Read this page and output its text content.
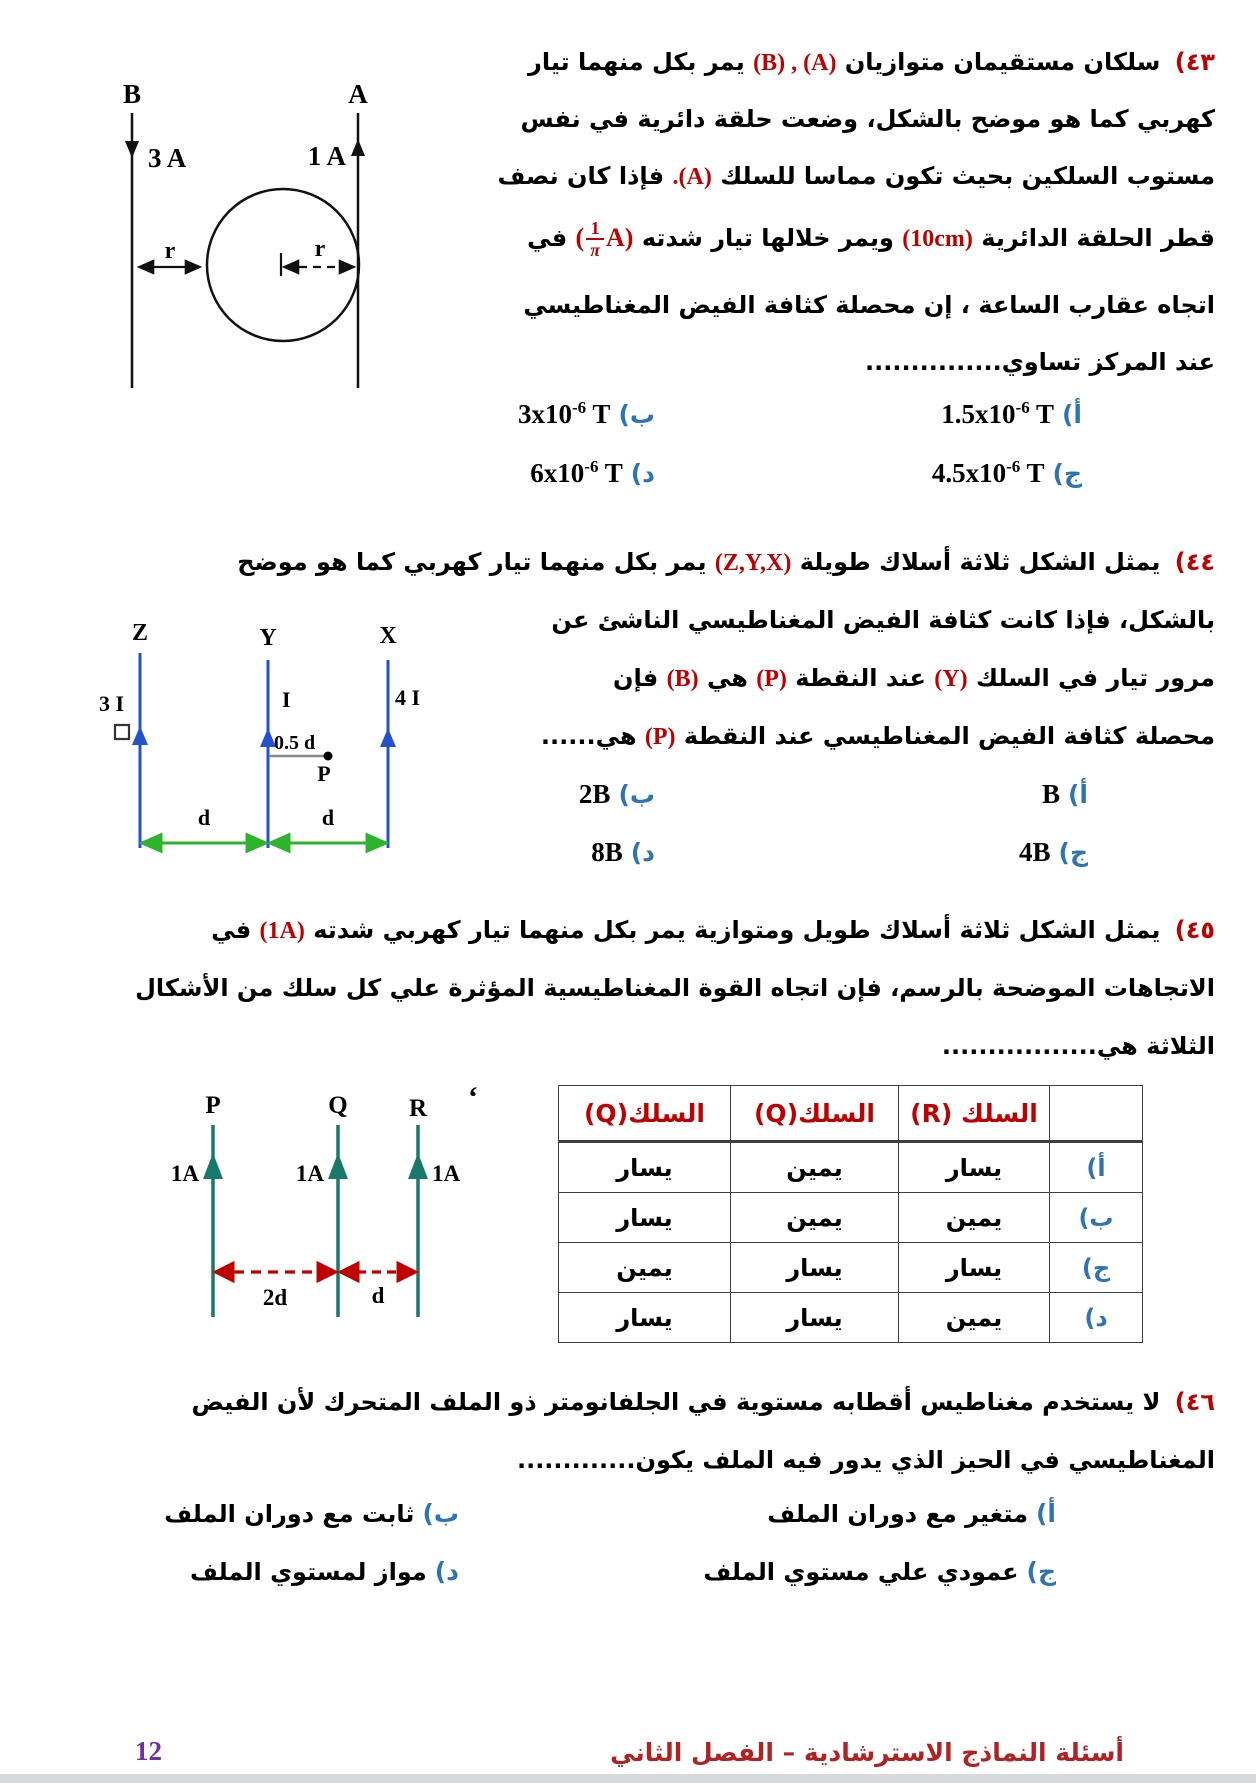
٤٣) سلكان مستقيمان متوازيان (A) , (B) يمر بكل منهما تيار
كهربي كما هو موضح بالشكل، وضعت حلقة دائرية في نفس
مستوب السلكين بحيث تكون مماسا للسلك (A). فإذا كان نصف
قطر الحلقة الدائرية (10cm) ويمر خلالها تيار شدته ( $\frac{1}{\pi} A$) في
اتجاه عقارب الساعة ، إن محصلة كثافة الفيض المغناطيسي
عند المركز تساوي...............
$أ)1.5x10^{-6}$ T
$ب)3x10^{-6}$ T
$ج)4.5x10^{-6}$ T
$د)6x10^{-6}$ T
B
3 A
A
1 A
r	r
٤٤) يمثل الشكل ثلاثة أسلاك طويلة (Z,Y,X) يمر بكل منهما تيار كهربي كما هو موضح
بالشكل، فإذا كانت كثافة الفيض المغناطيسي الناشئ عن
مرور تيار في السلك (Y) عند النقطة (P) هي (B) فإن
محصلة كثافة الفيض المغناطيسي عند النقطة (P) هي......
أ)B
ب)2B
ج)4B
د)8B
Z	Y	X
3 I	I	4 I
0.5 d
P
d	d
٤٥) يمثل الشكل ثلاثة أسلاك طويل ومتوازية يمر بكل منهما تيار كهربي شدته (1A) في
الاتجاهات الموضحة بالرسم، فإن اتجاه القوة المغناطيسية المؤثرة علي كل سلك من الأشكال
الثلاثة هي.................
	السلك (R)	السلك(Q)	السلك(Q)
أ)	يسار	يمين	يسار
ب)	يمين	يمين	يسار
ج)	يسار	يسار	يمين
د)	يمين	يسار	يسار
‘
P	Q R
1A	1A	1A
2d	d
٤٦) لا يستخدم مغناطيس أقطابه مستوية في الجلفانومتر ذو الملف المتحرك لأن الفيض
المغناطيسي في الحيز الذي يدور فيه الملف يكون.............
أ)متغير مع دوران الملف
ب)ثابت مع دوران الملف
ج)عمودي علي مستوي الملف
د)مواز لمستوي الملف
أسئلة النماذج الاسترشادية – الفصل الثاني
12
